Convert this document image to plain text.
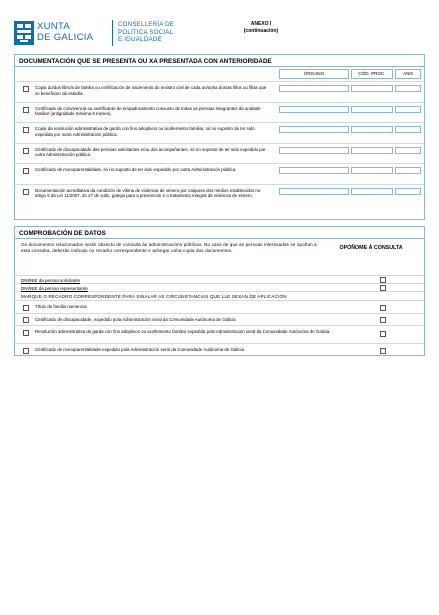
XUNTA
DE GALICIA
CONSELLERÍA DE
POLÍTICA SOCIAL
E IGUALDADE
ANEXO I
(continuación)
DOCUMENTACIÓN QUE SE PRESENTA OU XA PRESENTADA CON ANTERIORIDADE
ÓRGANO	CÓD. PROC.	ANO
Copia do/dos libro/s de familia ou certificación de nacemento do rexistro civil de cada un/unha dos/as fillos ou fillas que se beneficien da estadía.
Certificado de convivencia ou xustificante de empadroamento conxunto de todas as persoas integrantes da unidade familiar (antigüidade máxima 6 meses).
Copia da resolución administrativa de garda con fins adoptivos ou acollemento familiar, só no suposto de ter sido expedida por outra Administración pública.
Certificado de discapacidade das persoas solicitantes e/ou dos acompañantes, só no suposto de ter sido expedido por outra Administración pública.
Certificado de monoparentalidade, só no suposto de ter sido expedido por outra Administración pública.
Documentación acreditativa da condición de vítima de violencia de xénero por calquera dos medios establecidos no artigo 5 da Lei 11/2007, do 27 de xullo, galega para a prevención e o tratamento integral da violencia de xénero.
COMPROBACIÓN DE DATOS
Os documentos relacionados serán obxecto de consulta ás administracións públicas. No caso de que as persoas interesadas se opoñan a esta consulta, deberán indicalo no recadro correspondente e achegar unha copia dos documentos.	OPÓÑOME Á CONSULTA
DNI/NIE da persoa solicitante
DNI/NIE da persoa representante
MARQUE O RECADRO CORRESPONDENTE PARA SINALAR AS CIRCUNSTANCIAS QUE LLE SEXAN DE APLICACIÓN
Título de familia numerosa
Certificado de discapacidade, expedido pola Administración xeral da Comunidade Autónoma de Galicia
Resolución administrativa de garda con fins adoptivos ou acollemento familiar expedida pola Administración xeral da Comunidade Autónoma de Galicia.
Certificado de monoparentalidade expedido pola Administración xeral da Comunidade Autónoma de Galicia.
